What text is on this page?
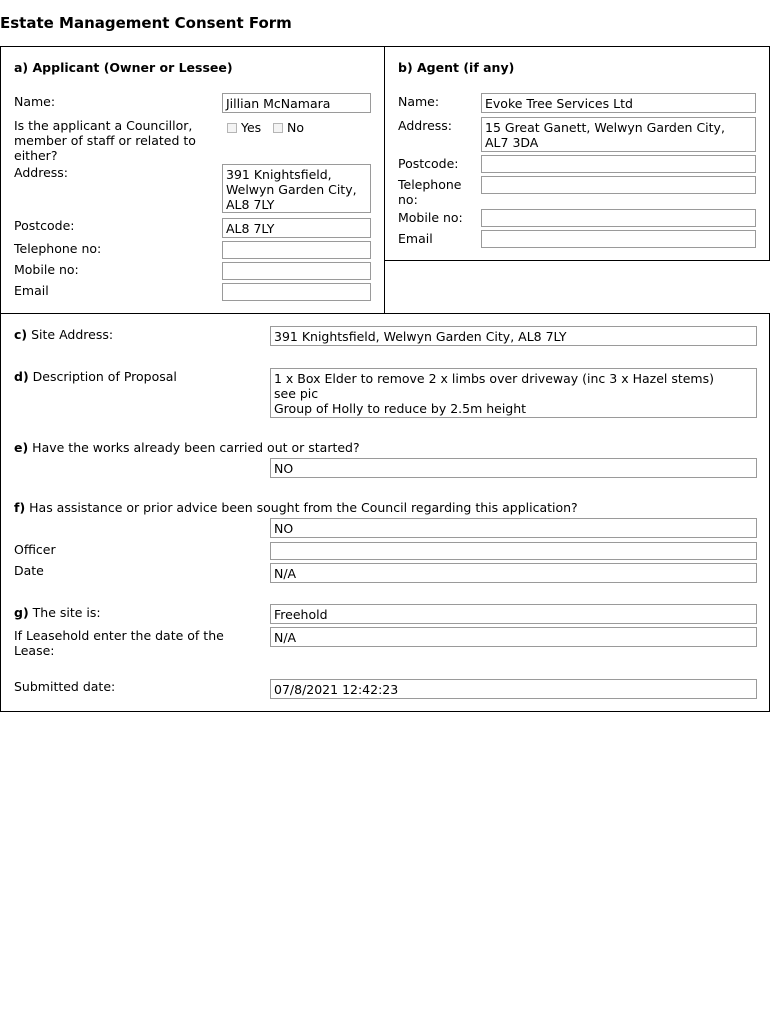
Estate Management Consent Form
a) Applicant (Owner or Lessee)
Name:	Jillian McNamara
Is the applicant a Councillor, member of staff or related to either?
Yes	No
Address:	391 Knightsfield,
Welwyn Garden City,
AL8 7LY
Postcode:	AL8 7LY
Telephone no:
Mobile no:
Email
b) Agent (if any)
Name:	Evoke Tree Services Ltd
Address:	15 Great Ganett, Welwyn Garden City,
AL7 3DA
Postcode:
Telephone no:
Mobile no:
Email
c) Site Address:	391 Knightsfield, Welwyn Garden City, AL8 7LY
d) Description of Proposal	1 x Box Elder to remove 2 x limbs over driveway (inc 3 x Hazel stems)
see pic
Group of Holly to reduce by 2.5m height
e) Have the works already been carried out or started?
NO
f) Has assistance or prior advice been sought from the Council regarding this application?
NO
Officer
Date	N/A
g) The site is:	Freehold
If Leasehold enter the date of the Lease:
N/A
Submitted date:	07/8/2021 12:42:23
